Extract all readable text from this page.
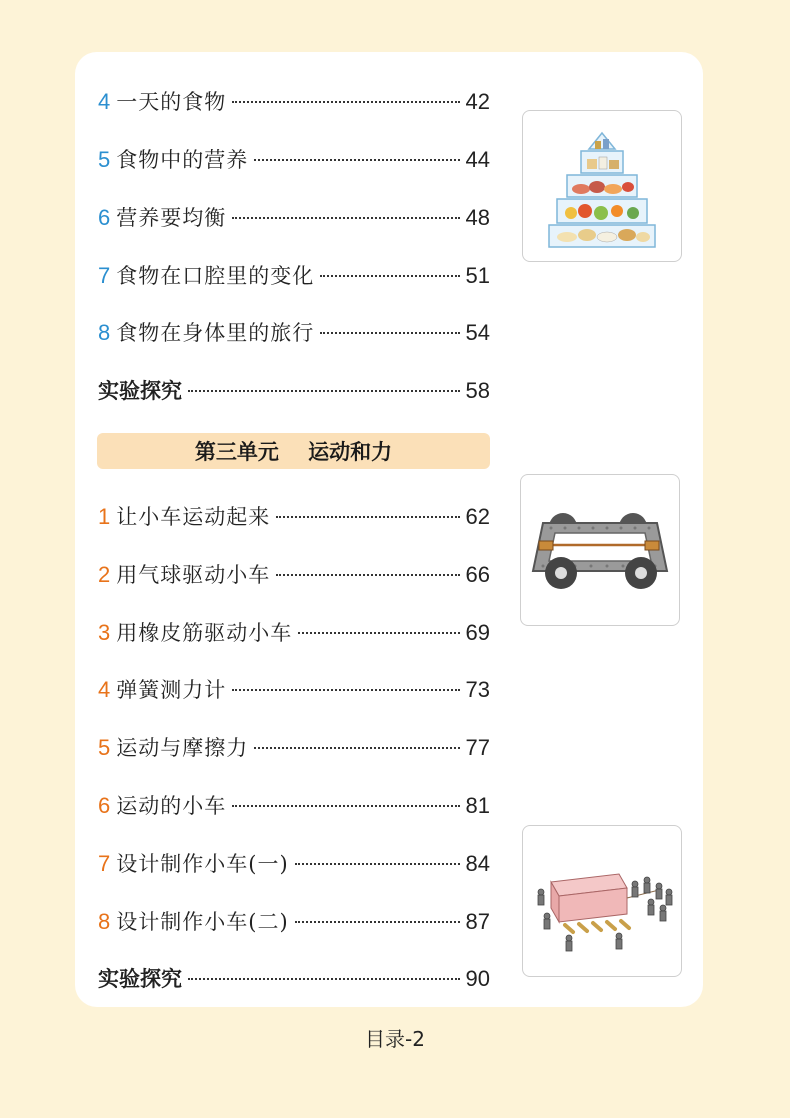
4 一天的食物	42
5 食物中的营养	44
6 营养要均衡	48
7 食物在口腔里的变化	51
8 食物在身体里的旅行	54
实验探究	58
第三单元
运动和力
1 让小车运动起来	62
2 用气球驱动小车	66
3 用橡皮筋驱动小车	69
4 弹簧测力计	73
5 运动与摩擦力	77
6 运动的小车	81
7 设计制作小车(一)	84
8 设计制作小车(二)	87
实验探究	90
目录-2
